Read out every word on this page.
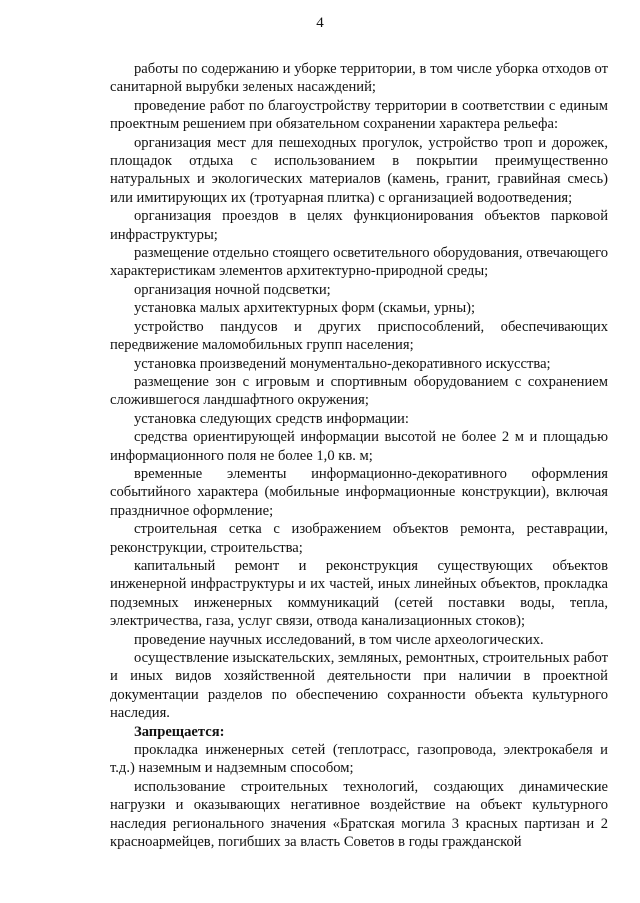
4

работы по содержанию и уборке территории, в том числе уборка отходов от санитарной вырубки зеленых насаждений;

проведение работ по благоустройству территории в соответствии с единым проектным решением при обязательном сохранении характера рельефа:

организация мест для пешеходных прогулок, устройство троп и дорожек, площадок отдыха с использованием в покрытии преимущественно натуральных и экологических материалов (камень, гранит, гравийная смесь) или имитирующих их (тротуарная плитка) с организацией водоотведения;

организация проездов в целях функционирования объектов парковой инфраструктуры;

размещение отдельно стоящего осветительного оборудования, отвечающего характеристикам элементов архитектурно-природной среды;

организация ночной подсветки;

установка малых архитектурных форм (скамьи, урны);

устройство пандусов и других приспособлений, обеспечивающих передвижение маломобильных групп населения;

установка произведений монументально-декоративного искусства;

размещение зон с игровым и спортивным оборудованием с сохранением сложившегося ландшафтного окружения;

установка следующих средств информации:

средства ориентирующей информации высотой не более 2 м и площадью информационного поля не более 1,0 кв. м;

временные элементы информационно-декоративного оформления событийного характера (мобильные информационные конструкции), включая праздничное оформление;

строительная сетка с изображением объектов ремонта, реставрации, реконструкции, строительства;

капитальный ремонт и реконструкция существующих объектов инженерной инфраструктуры и их частей, иных линейных объектов, прокладка подземных инженерных коммуникаций (сетей поставки воды, тепла, электричества, газа, услуг связи, отвода канализационных стоков);

проведение научных исследований, в том числе археологических.

осуществление изыскательских, земляных, ремонтных, строительных работ и иных видов хозяйственной деятельности при наличии в проектной документации разделов по обеспечению сохранности объекта культурного наследия.

Запрещается:

прокладка инженерных сетей (теплотрасс, газопровода, электрокабеля и т.д.) наземным и надземным способом;

использование строительных технологий, создающих динамические нагрузки и оказывающих негативное воздействие на объект культурного наследия регионального значения «Братская могила 3 красных партизан и 2 красноармейцев, погибших за власть Советов в годы гражданской
